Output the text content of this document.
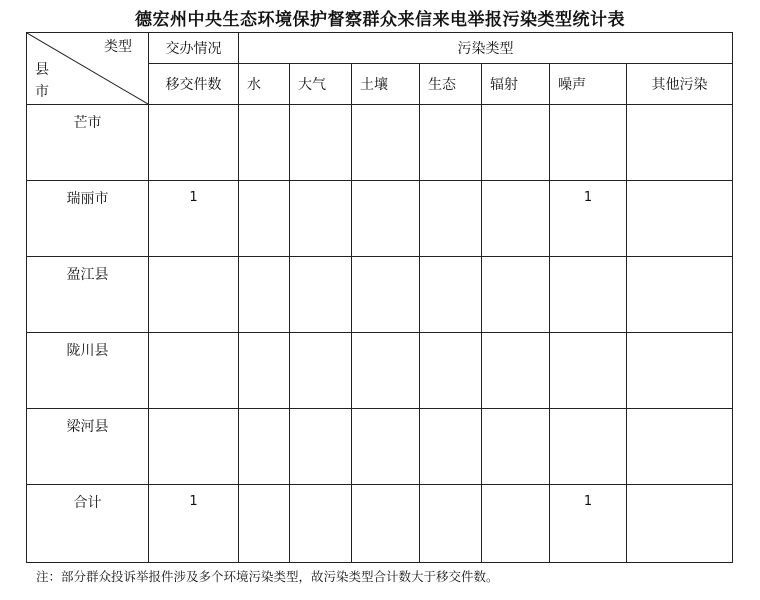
德宏州中央生态环境保护督察群众来信来电举报污染类型统计表
类型
县
市	交办情况	污染类型						
	移交件数	水	大气	土壤	生态	辐射	噪声	其他污染
芒市								
瑞丽市	1						1	
盈江县								
陇川县								
梁河县								
合计	1						1	
注：部分群众投诉举报件涉及多个环境污染类型，故污染类型合计数大于移交件数。
